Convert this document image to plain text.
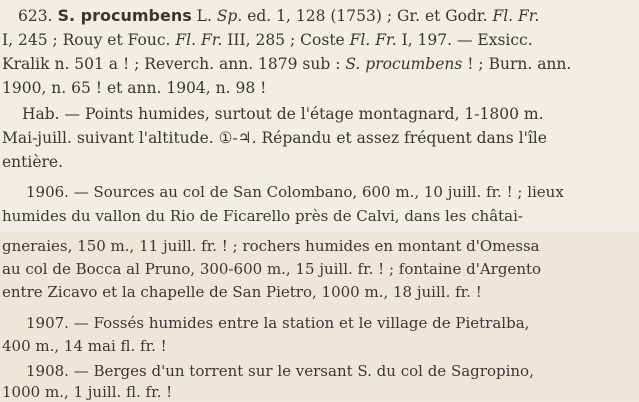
623. S. procumbens L. Sp. ed. 1, 128 (1753) ; Gr. et Godr. Fl. Fr.
I, 245 ; Rouy et Fouc. Fl. Fr. III, 285 ; Coste Fl. Fr. I, 197. — Exsicc.
Kralik n. 501 a ! ; Reverch. ann. 1879 sub : S. procumbens ! ; Burn. ann.
1900, n. 65 ! et ann. 1904, n. 98 !
Hab. — Points humides, surtout de l'étage montagnard, 1-1800 m.
Mai-juill. suivant l'altitude. ①-♃. Répandu et assez fréquent dans l'île
entière.
1906. — Sources au col de San Colombano, 600 m., 10 juill. fr. ! ; lieux
humides du vallon du Rio de Ficarello près de Calvi, dans les châtai-
gneraies, 150 m., 11 juill. fr. ! ; rochers humides en montant d'Omessa
au col de Bocca al Pruno, 300-600 m., 15 juill. fr. ! ; fontaine d'Argento
entre Zicavo et la chapelle de San Pietro, 1000 m., 18 juill. fr. !
1907. — Fossés humides entre la station et le village de Pietralba,
400 m., 14 mai fl. fr. !
1908. — Berges d'un torrent sur le versant S. du col de Sagropino,
1000 m., 1 juill. fl. fr. !
